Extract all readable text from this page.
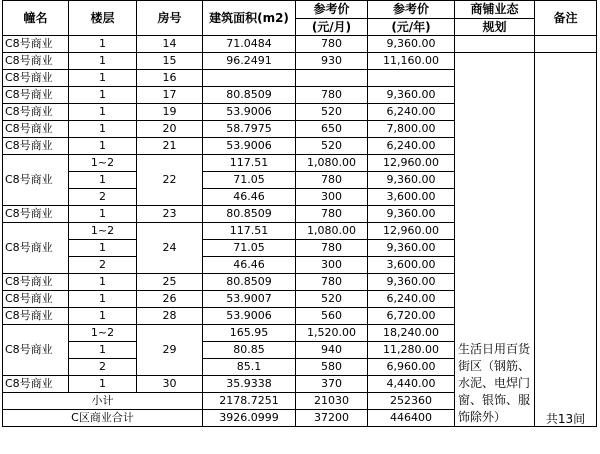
幢名	楼层	房号	建筑面积(m2)	参考价	参考价	商铺业态	备注
				(元/月)	(元/年)	规划	
C8号商业	1	14	71.0484	780	9,360.00		
C8号商业	1	15	96.2491	930	11,160.00	生活日用百货街区（钢筋、水泥、电焊门窗、银饰、服饰除外）	共13间
C8号商业	1	16					
C8号商业	1	17	80.8509	780	9,360.00		
C8号商业	1	19	53.9006	520	6,240.00		
C8号商业	1	20	58.7975	650	7,800.00		
C8号商业	1	21	53.9006	520	6,240.00		
C8号商业	1~2	22	117.51	1,080.00	12,960.00		
	1		71.05	780	9,360.00		
	2		46.46	300	3,600.00		
C8号商业	1	23	80.8509	780	9,360.00		
C8号商业	1~2	24	117.51	1,080.00	12,960.00		
	1		71.05	780	9,360.00		
	2		46.46	300	3,600.00		
C8号商业	1	25	80.8509	780	9,360.00		
C8号商业	1	26	53.9007	520	6,240.00		
C8号商业	1	28	53.9006	560	6,720.00		
C8号商业	1~2	29	165.95	1,520.00	18,240.00		
	1		80.85	940	11,280.00		
	2		85.1	580	6,960.00		
C8号商业	1	30	35.9338	370	4,440.00		
小计			2178.7251	21030	252360		
C区商业合计			3926.0999	37200	446400		
